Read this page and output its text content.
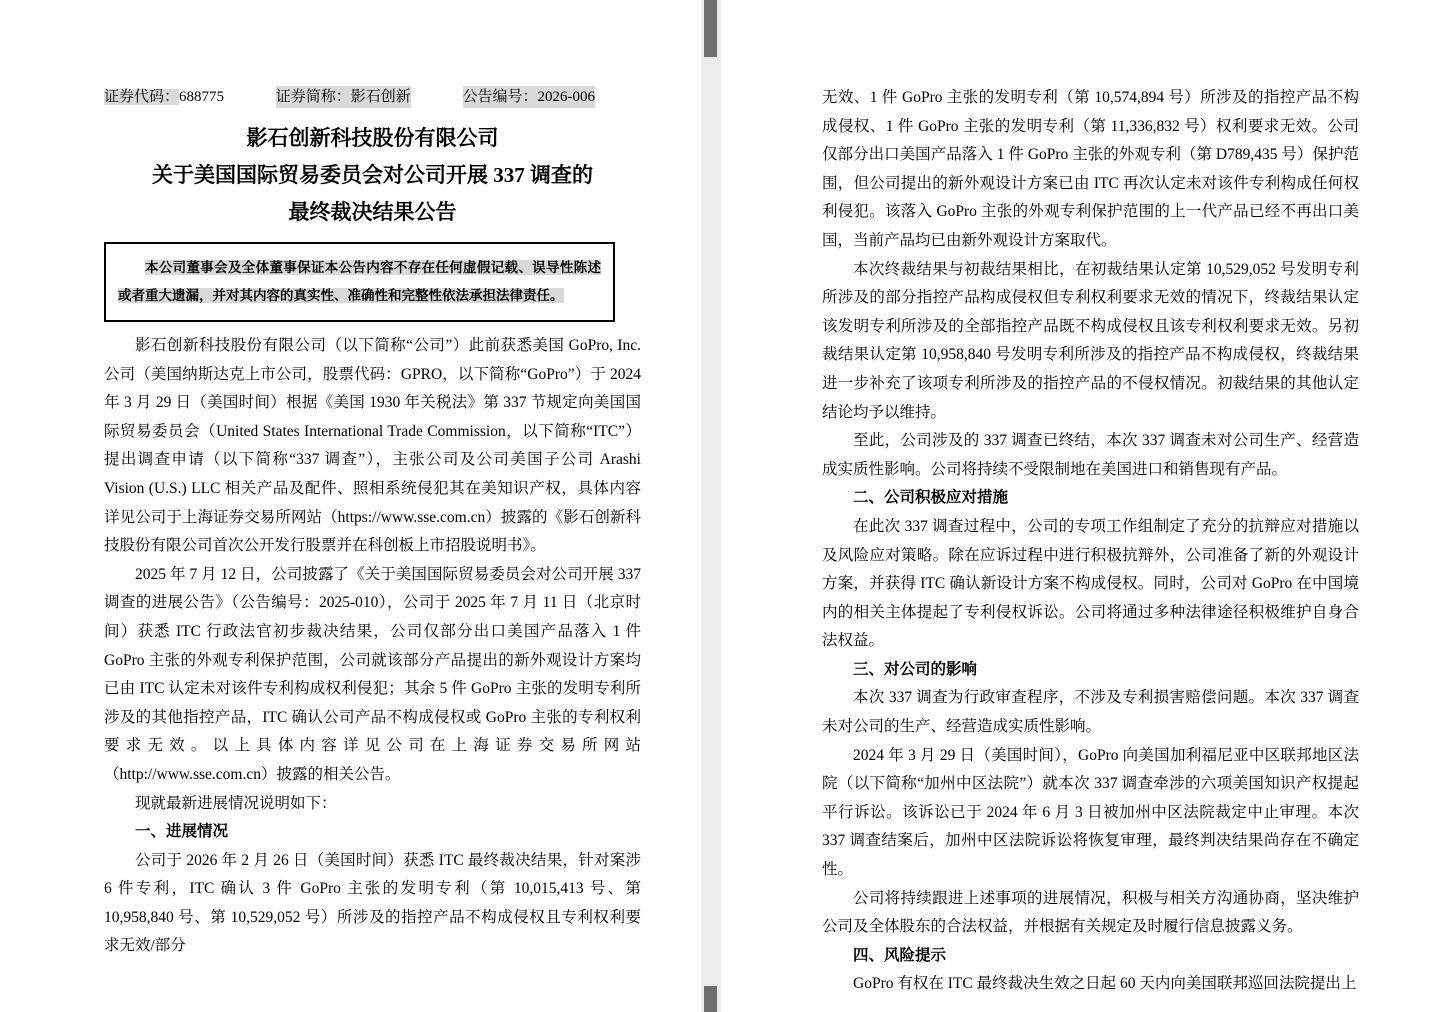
证券代码：688775	证券简称：影石创新	公告编号：2026-006
影石创新科技股份有限公司
关于美国国际贸易委员会对公司开展 337 调查的
最终裁决结果公告
本公司董事会及全体董事保证本公告内容不存在任何虚假记载、误导性陈述或者重大遗漏，并对其内容的真实性、准确性和完整性依法承担法律责任。

影石创新科技股份有限公司（以下简称“公司”）此前获悉美国 GoPro, Inc. 公司（美国纳斯达克上市公司，股票代码：GPRO，以下简称“GoPro”）于 2024 年 3 月 29 日（美国时间）根据《美国 1930 年关税法》第 337 节规定向美国国际贸易委员会（United States International Trade Commission，以下简称“ITC”）提出调查申请（以下简称“337 调查”），主张公司及公司美国子公司 Arashi Vision (U.S.) LLC 相关产品及配件、照相系统侵犯其在美知识产权，具体内容详见公司于上海证券交易所网站（https://www.sse.com.cn）披露的《影石创新科技股份有限公司首次公开发行股票并在科创板上市招股说明书》。

2025 年 7 月 12 日，公司披露了《关于美国国际贸易委员会对公司开展 337 调查的进展公告》（公告编号：2025-010），公司于 2025 年 7 月 11 日（北京时间）获悉 ITC 行政法官初步裁决结果，公司仅部分出口美国产品落入 1 件 GoPro 主张的外观专利保护范围，公司就该部分产品提出的新外观设计方案均已由 ITC 认定未对该件专利构成权利侵犯；其余 5 件 GoPro 主张的发明专利所涉及的其他指控产品，ITC 确认公司产品不构成侵权或 GoPro 主张的专利权利要求无效。以上具体内容详见公司在上海证券交易所网站（http://www.sse.com.cn）披露的相关公告。

现就最新进展情况说明如下：

一、进展情况

公司于 2026 年 2 月 26 日（美国时间）获悉 ITC 最终裁决结果，针对案涉 6 件专利，ITC 确认 3 件 GoPro 主张的发明专利（第 10,015,413 号、第 10,958,840 号、第 10,529,052 号）所涉及的指控产品不构成侵权且专利权利要求无效/部分

无效、1 件 GoPro 主张的发明专利（第 10,574,894 号）所涉及的指控产品不构成侵权、1 件 GoPro 主张的发明专利（第 11,336,832 号）权利要求无效。公司仅部分出口美国产品落入 1 件 GoPro 主张的外观专利（第 D789,435 号）保护范围，但公司提出的新外观设计方案已由 ITC 再次认定未对该件专利构成任何权利侵犯。该落入 GoPro 主张的外观专利保护范围的上一代产品已经不再出口美国，当前产品均已由新外观设计方案取代。

本次终裁结果与初裁结果相比，在初裁结果认定第 10,529,052 号发明专利所涉及的部分指控产品构成侵权但专利权利要求无效的情况下，终裁结果认定该发明专利所涉及的全部指控产品既不构成侵权且该专利权利要求无效。另初裁结果认定第 10,958,840 号发明专利所涉及的指控产品不构成侵权，终裁结果进一步补充了该项专利所涉及的指控产品的不侵权情况。初裁结果的其他认定结论均予以维持。

至此，公司涉及的 337 调查已终结，本次 337 调查未对公司生产、经营造成实质性影响。公司将持续不受限制地在美国进口和销售现有产品。

二、公司积极应对措施

在此次 337 调查过程中，公司的专项工作组制定了充分的抗辩应对措施以及风险应对策略。除在应诉过程中进行积极抗辩外，公司准备了新的外观设计方案，并获得 ITC 确认新设计方案不构成侵权。同时，公司对 GoPro 在中国境内的相关主体提起了专利侵权诉讼。公司将通过多种法律途径积极维护自身合法权益。

三、对公司的影响

本次 337 调查为行政审查程序，不涉及专利损害赔偿问题。本次 337 调查未对公司的生产、经营造成实质性影响。

2024 年 3 月 29 日（美国时间），GoPro 向美国加利福尼亚中区联邦地区法院（以下简称“加州中区法院”）就本次 337 调查牵涉的六项美国知识产权提起平行诉讼。该诉讼已于 2024 年 6 月 3 日被加州中区法院裁定中止审理。本次 337 调查结案后，加州中区法院诉讼将恢复审理，最终判决结果尚存在不确定性。

公司将持续跟进上述事项的进展情况，积极与相关方沟通协商，坚决维护公司及全体股东的合法权益，并根据有关规定及时履行信息披露义务。

四、风险提示

GoPro 有权在 ITC 最终裁决生效之日起 60 天内向美国联邦巡回法院提出上
